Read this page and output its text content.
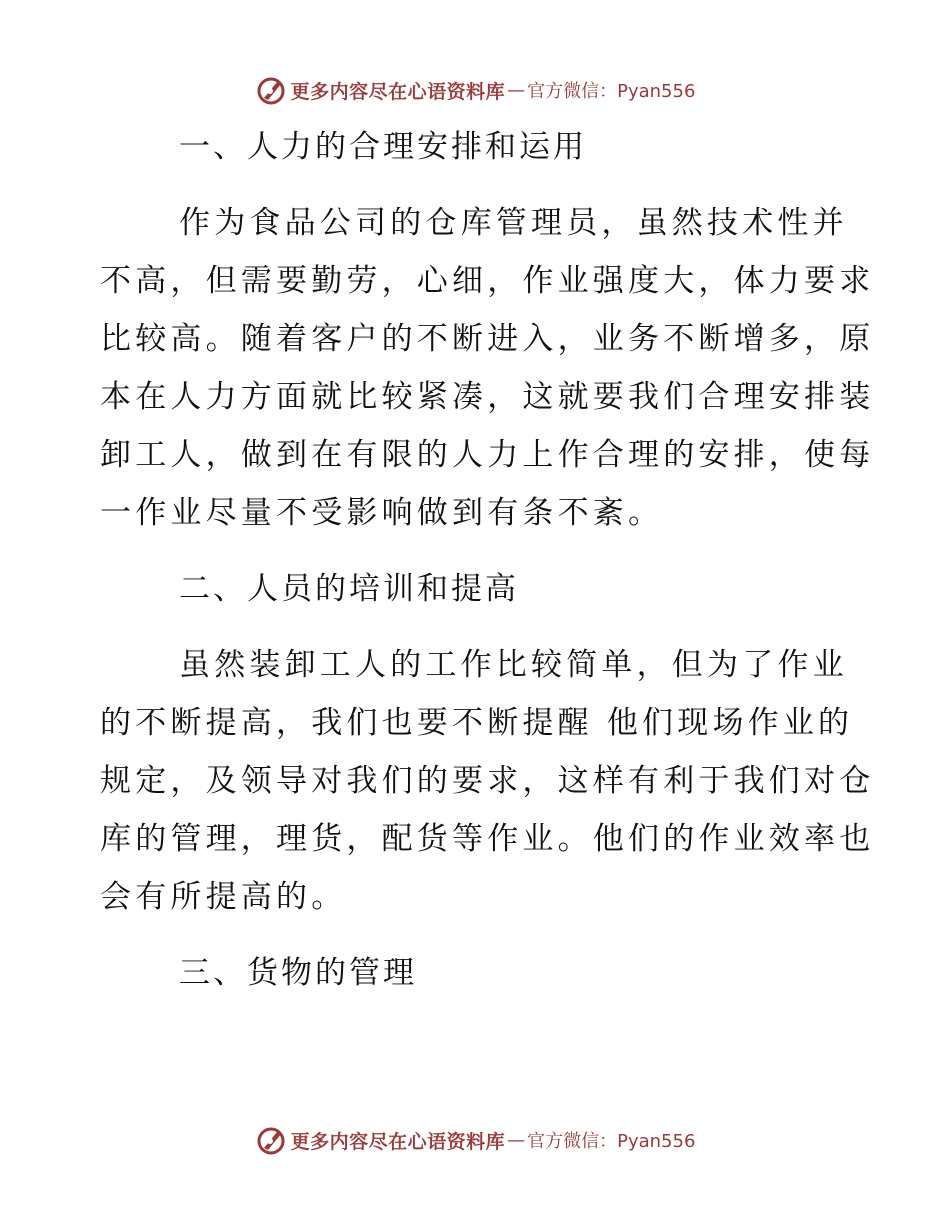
更多内容尽在心语资料库 — 官方微信：Pyan556
一、人力的合理安排和运用
作为食品公司的仓库管理员，虽然技术性并
不高，但需要勤劳，心细，作业强度大，体力要求
比较高。随着客户的不断进入，业务不断增多，原
本在人力方面就比较紧凑，这就要我们合理安排装
卸工人，做到在有限的人力上作合理的安排，使每
一作业尽量不受影响做到有条不紊。
二、人员的培训和提高
虽然装卸工人的工作比较简单，但为了作业
的不断提高，我们也要不断提醒 他们现场作业的
规定，及领导对我们的要求，这样有利于我们对仓
库的管理，理货，配货等作业。他们的作业效率也
会有所提高的。
三、货物的管理
更多内容尽在心语资料库 — 官方微信：Pyan556
